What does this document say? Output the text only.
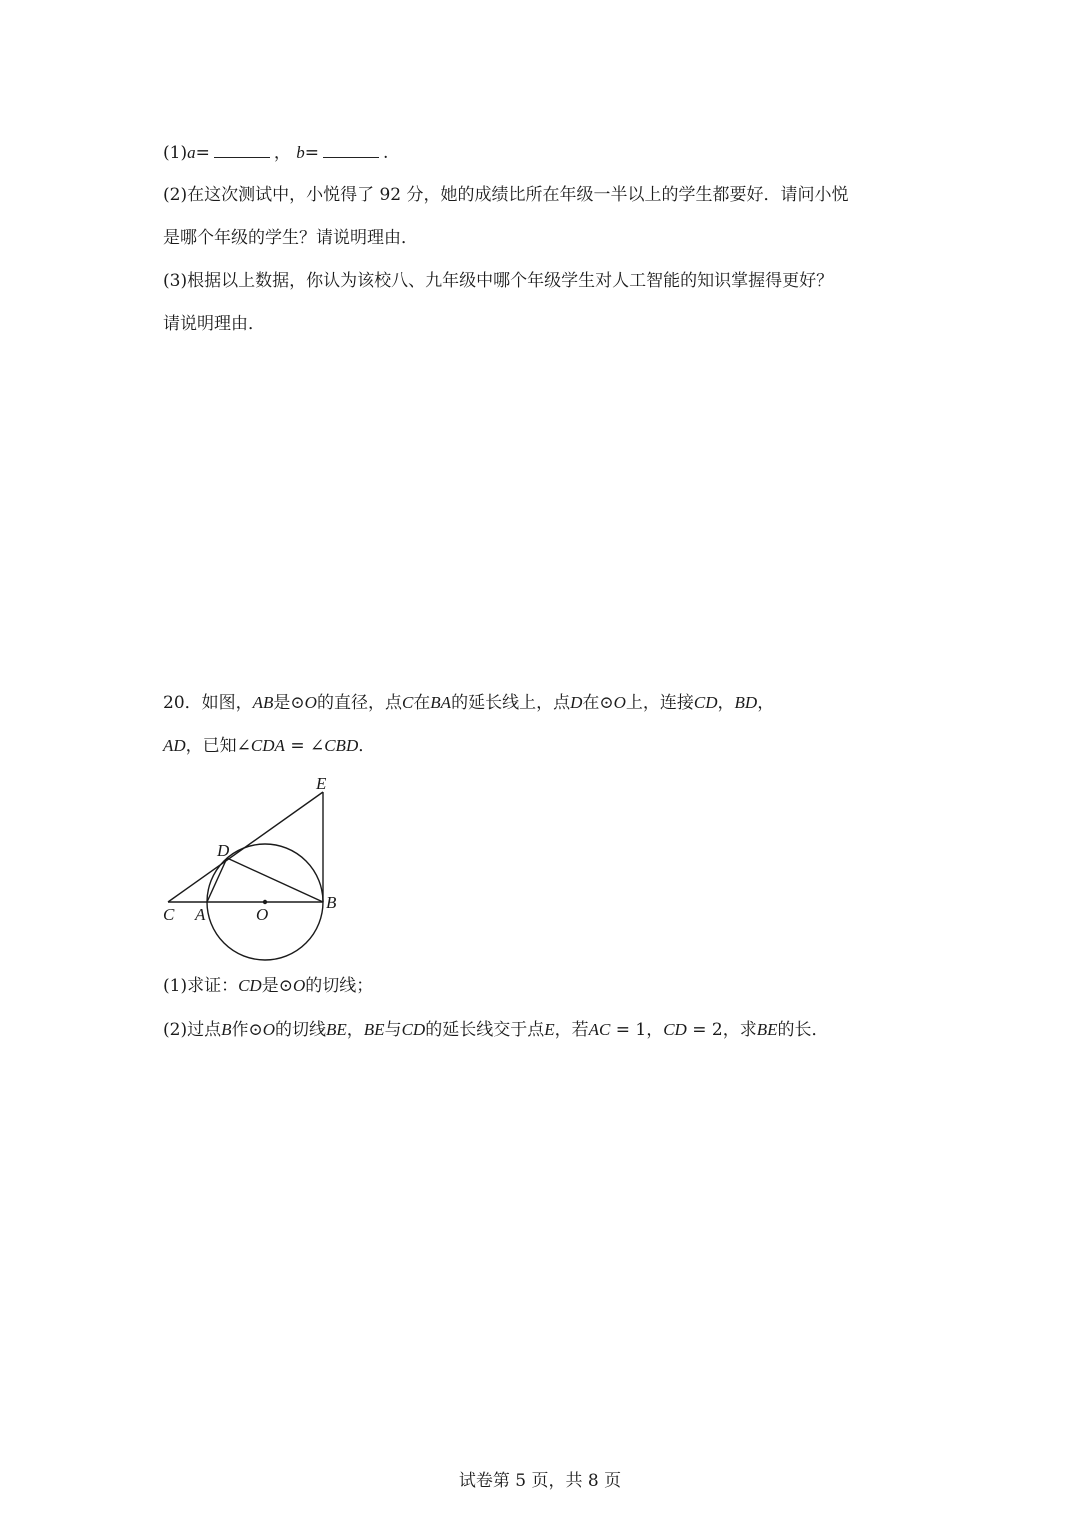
(1)a=	， b=	.
(2)在这次测试中，小悦得了 92 分，她的成绩比所在年级一半以上的学生都要好．请问小悦
是哪个年级的学生？请说明理由．
(3)根据以上数据，你认为该校八、九年级中哪个年级学生对人工智能的知识掌握得更好？
请说明理由．
20．如图，AB是⊙O的直径，点C在BA的延长线上，点D在⊙O上，连接CD，BD，
AD，已知∠CDA = ∠CBD．
E
D
C A	O
B
(1)求证：CD是⊙O的切线；
(2)过点B作⊙O的切线BE，BE与CD的延长线交于点E，若AC = 1，CD = 2，求BE的长．
试卷第 5 页，共 8 页
